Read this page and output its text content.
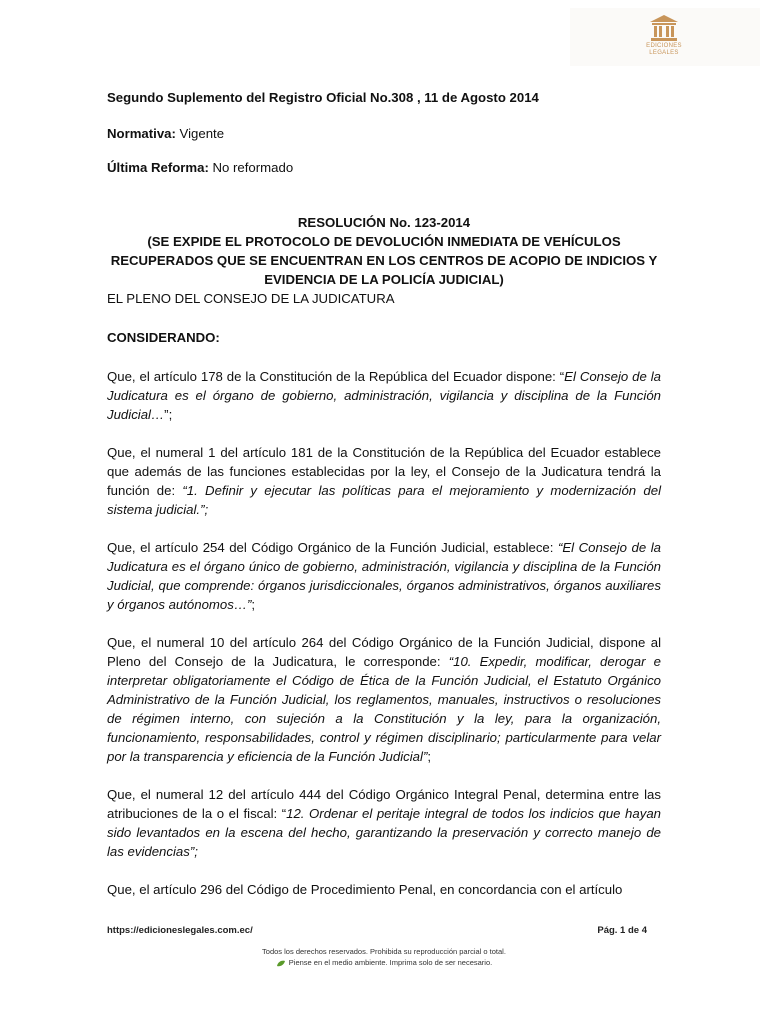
EDICIONES
LEGALES

Segundo Suplemento del Registro Oficial No.308 , 11 de Agosto 2014

Normativa: Vigente

Última Reforma: No reformado

RESOLUCIÓN No. 123-2014

(SE EXPIDE EL PROTOCOLO DE DEVOLUCIÓN INMEDIATA DE VEHÍCULOS RECUPERADOS QUE SE ENCUENTRAN EN LOS CENTROS DE ACOPIO DE INDICIOS Y EVIDENCIA DE LA POLICÍA JUDICIAL)

EL PLENO DEL CONSEJO DE LA JUDICATURA

CONSIDERANDO:

Que, el artículo 178 de la Constitución de la República del Ecuador dispone: “El Consejo de la Judicatura es el órgano de gobierno, administración, vigilancia y disciplina de la Función Judicial…”;

Que, el numeral 1 del artículo 181 de la Constitución de la República del Ecuador establece que además de las funciones establecidas por la ley, el Consejo de la Judicatura tendrá la función de: “1. Definir y ejecutar las políticas para el mejoramiento y modernización del sistema judicial.”;

Que, el artículo 254 del Código Orgánico de la Función Judicial, establece: “El Consejo de la Judicatura es el órgano único de gobierno, administración, vigilancia y disciplina de la Función Judicial, que comprende: órganos jurisdiccionales, órganos administrativos, órganos auxiliares y órganos autónomos…”;

Que, el numeral 10 del artículo 264 del Código Orgánico de la Función Judicial, dispone al Pleno del Consejo de la Judicatura, le corresponde: “10. Expedir, modificar, derogar e interpretar obligatoriamente el Código de Ética de la Función Judicial, el Estatuto Orgánico Administrativo de la Función Judicial, los reglamentos, manuales, instructivos o resoluciones de régimen interno, con sujeción a la Constitución y la ley, para la organización, funcionamiento, responsabilidades, control y régimen disciplinario; particularmente para velar por la transparencia y eficiencia de la Función Judicial”;

Que, el numeral 12 del artículo 444 del Código Orgánico Integral Penal, determina entre las atribuciones de la o el fiscal: “12. Ordenar el peritaje integral de todos los indicios que hayan sido levantados en la escena del hecho, garantizando la preservación y correcto manejo de las evidencias”;

Que, el artículo 296 del Código de Procedimiento Penal, en concordancia con el artículo

https://edicioneslegales.com.ec/	Pág. 1 de 4
Todos los derechos reservados. Prohibida su reproducción parcial o total.
Piense en el medio ambiente. Imprima solo de ser necesario.
